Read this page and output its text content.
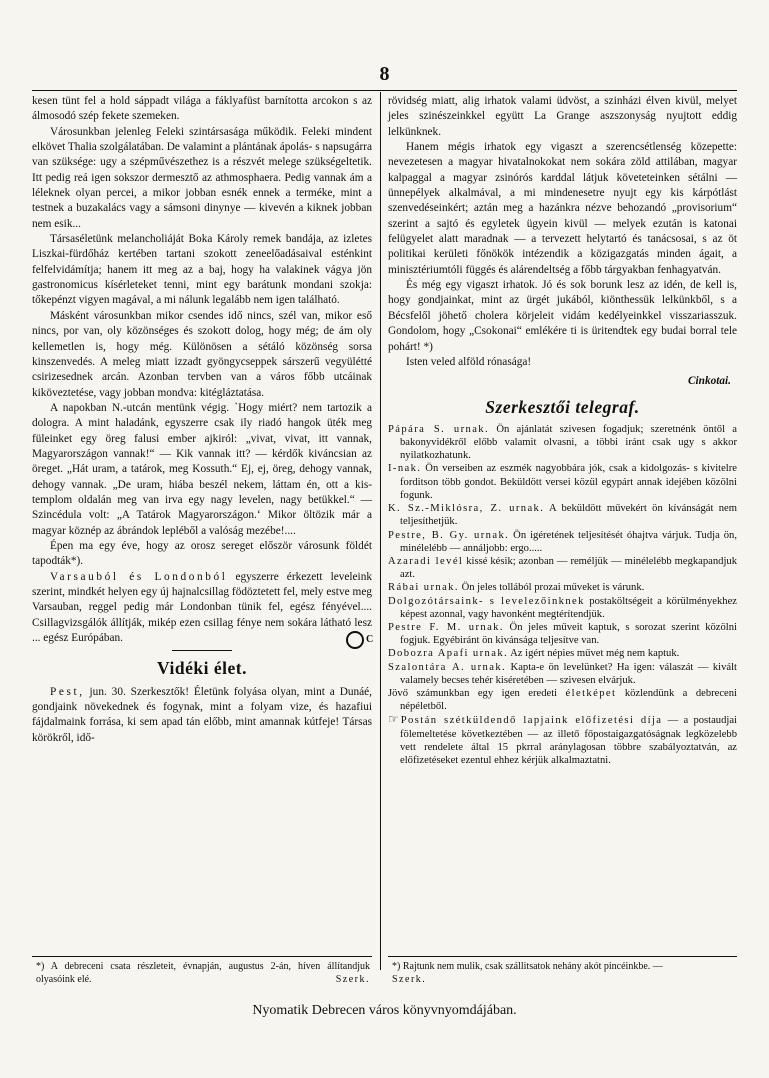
8

kesen tünt fel a hold sáppadt világa a fáklyafüst barnította arcokon s az álmosodó szép fekete szemeken.

Városunkban jelenleg Feleki szintársasága működik. Feleki mindent elkövet Thalia szolgálatában. De valamint a plántának ápolás- s napsugárra van szüksége: ugy a szépművészethez is a részvét melege szükségeltetik. Itt pedig reá igen sokszor dermesztő az athmosphaera. Pedig vannak ám a léleknek olyan percei, a mikor jobban esnék ennek a terméke, mint a testnek a buzakalács vagy a sámsoni dinynye — kivevén a kiknek jobban nem esik...

Társaséletünk melancholiáját Boka Károly remek bandája, az izletes Liszkai-fürdőház kertében tartani szokott zeneelőadásaival esténkint felfelvidámítja; hanem itt meg az a baj, hogy ha valakinek vágya jön gastronomicus kísérleteket tenni, mint egy barátunk mondani szokja: tőkepénzt vigyen magával, a mi nálunk legalább nem igen található.

Másként városunkban mikor csendes idő nincs, szél van, mikor eső nincs, por van, oly közönséges és szokott dolog, hogy még; de ám oly kellemetlen is, hogy még. Különösen a sétáló közönség sorsa kinszenvedés. A meleg miatt izzadt gyöngycseppek sárszerű vegyülétté csirizesednek arcán. Azonban tervben van a város főbb utcáinak kiköveztetése, vagy jobban mondva: kitégláztatása.

A napokban N.-utcán mentünk végig. `Hogy miért? nem tartozik a dologra. A mint haladánk, egyszerre csak ily riadó hangok üték meg füleinket egy öreg falusi ember ajkiról: „vivat, vivat, itt vannak, Magyarországon vannak!“ — Kik vannak itt? — kérdők kiváncsian az öreget. „Hát uram, a tatárok, meg Kossuth.“ Ej, ej, öreg, dehogy vannak, dehogy vannak. „De uram, hiába beszél nekem, láttam én, ott a kis-templom oldalán meg van irva egy nagy levelen, nagy betükkel.“ — Szincédula volt: „A Tatárok Magyarországon.‘ Mikor öltözik már a magyar köznép az ábrándok lepléből a valóság mezébe!....

Épen ma egy éve, hogy az orosz sereget először városunk földét tapodták*).

Varsauból és Londonból egyszerre érkezett leveleink szerint, mindkét helyen egy új hajnalcsillag födöztetett fel, mely estve meg Varsauban, reggel pedig már Londonban tünik fel, egész fényével.... Csillagvizsgálók állítják, mikép ezen csillag fénye nem sokára látható lesz ... egész Európában.	C

Vidéki élet.

Pest, jun. 30. Szerkesztők! Életünk folyása olyan, mint a Dunáé, gondjaink növekednek és fogynak, mint a folyam vize, és hazafiui fájdalmaink forrása, ki sem apad tán előbb, mint amannak kútfeje! Társas körökről, idő-

rövidség miatt, alig irhatok valami üdvöst, a szinházi élven kivül, melyet jeles szinészeinkkel együtt La Grange aszszonyság nyujtott eddig lelkünknek.

Hanem mégis irhatok egy vigaszt a szerencsétlenség közepette: nevezetesen a magyar hivatalnokokat nem sokára zöld attilában, magyar kalpaggal a magyar zsinórós karddal látjuk követeteinken sétálni — ünnepélyek alkalmával, a mi mindenesetre nyujt egy kis kárpótlást szenvedéseinkért; aztán meg a hazánkra nézve behozandó „provisorium“ szerint a sajtó és egyletek ügyein kivül — melyek ezután is katonai felügyelet alatt maradnak — a tervezett helytartó és tanácsosai, s az öt politikai kerületi főnökök intézendik a közigazgatás minden ágait, a minisztériumtóli függés és alárendeltség a főbb tárgyakban fenhagyatván.

És még egy vigaszt irhatok. Jó és sok borunk lesz az idén, de kell is, hogy gondjainkat, mint az ürgét jukából, kiönthessük lelkünkből, s a Bécsfelől jöhető cholera körjeleit vidám kedélyeinkkel visszariasszuk. Gondolom, hogy „Csokonai“ emlékére ti is üritendtek egy budai borral tele pohárt! *)

Isten veled alföld rónasága!

Cinkotai.
Szerkesztői telegraf.

Pápára S. urnak. Ön ajánlatát szivesen fogadjuk; szeretnénk öntől a bakonyvidékről előbb valamit olvasni, a többi iránt csak ugy s akkor nyilatkozhatunk.

I-nak. Ön verseiben az eszmék nagyobbára jók, csak a kidolgozás- s kivitelre forditson több gondot. Beküldött versei közül egypárt annak idejében közölni fogunk.

K. Sz.-Miklósra, Z. urnak. A beküldött művekért ön kívánságát nem teljesíthetjük.

Pestre, B. Gy. urnak. Ön igéretének teljesítését óhajtva várjuk. Tudja ön, minélelébb — annáljobb: ergo.....

Azaradi levél kissé késik; azonban — reméljük — minélelébb megkapandjuk azt.

Rábai urnak. Ön jeles tollából prozai műveket is várunk.

Dolgozótársaink- s levelezőinknek postaköltségeit a körülményekhez képest azonnal, vagy havonként megtérítendjük.

Pestre F. M. urnak. Ön jeles műveit kaptuk, s sorozat szerint közölni fogjuk. Egyébiránt ön kivánsága teljesítve van.

Dobozra Apafi urnak. Az igért népies művet még nem kaptuk.

Szalontára A. urnak. Kapta-e ön levelünket? Ha igen: válaszát — kivált valamely becses tehér kiséretében — szivesen elvárjuk.

Jövő számunkban egy igen eredeti életképet közlendünk a debreceni népéletből.

☞ Postán szétküldendő lapjaink előfizetési díja — a postaudjai fölemeltetése következtében — az illető főpostaigazgatóságnak legközelebb vett rendelete által 15 pkrral aránylagosan többre szabályoztatván, az előfizetéseket ezentul ehhez kérjük alkalmaztatni.

*) A debreceni csata részleteit, évnapján, augustus 2-án, híven állítandjuk olyasóink elé.	Szerk.
*) Rajtunk nem mulik, csak szállitsatok nehány akót pincéinkbe. —
Szerk.
Nyomatik Debrecen város könyvnyomdájában.
